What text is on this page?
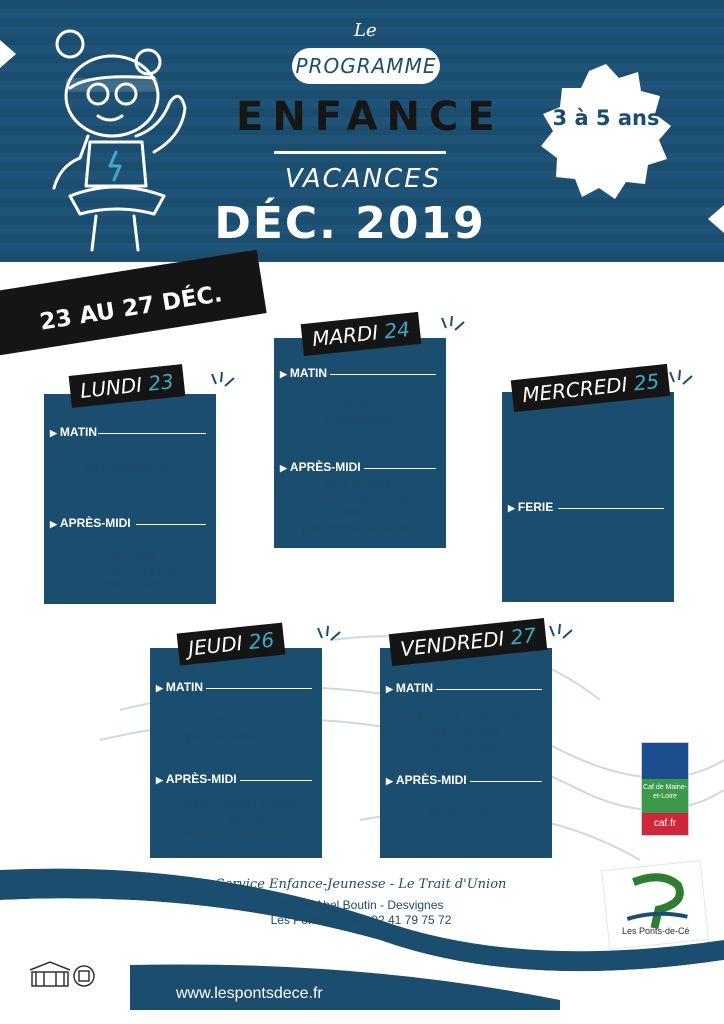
Le
PROGRAMME
ENFANCE
VACANCES
DÉC. 2019
3 à 5 ans
23 AU 27 DÉC.
LUNDI 23
▶ MATIN
Jeux
de connaissance
▶ APRÈS-MIDI
Rencontre
avec les 6-12 ans
Wintervolet
MARDI 24
▶ MATIN
Sortie
médiathèque
▶ APRÈS-MIDI
Jeux sportifs :
Parcours de la plage
Histoires
pas comme les autres
MERCREDI 25
▶ FERIE
JEUDI 26
▶ MATIN
Grand jeu :
Prépare la valise du Père
▶ APRÈS-MIDI
Atelier cuisine : Sablés
Jeux sportifs :
Requins – poissons
VENDREDI 27
▶ MATIN
Spectacle de marionnettes :
les vacances
du Père Noël
▶ APRÈS-MIDI
Sortie cinéma
Caf de Maine-et-Loire
caf.fr
Service Enfance-Jeunesse - Le Trait d'Union
45 rue Abel Boutin - Desvignes
Les Ponts-de-Cé - 02 41 79 75 72
Les Ponts-de-Cé
www.lespontsdece.fr
